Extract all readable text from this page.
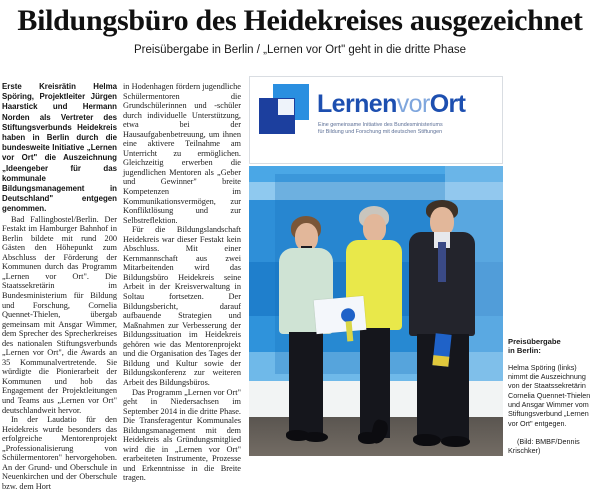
Bildungsbüro des Heidekreises ausgezeichnet
Preisübergabe in Berlin / „Lernen vor Ort" geht in die dritte Phase

Erste Kreisrätin Helma Spöring, Projektleiter Jürgen Haarstick und Hermann Norden als Vertreter des Stiftungsverbunds Heidekreis haben in Berlin durch die bundesweite Initiative „Lernen vor Ort" die Auszeichnung „Ideengeber für das kommunale Bildungsmanagement in Deutschland" entgegen genommen.

Bad Fallingbostel/Berlin. Der Festakt im Hamburger Bahnhof in Berlin bildete mit rund 200 Gästen den Höhepunkt zum Abschluss der Förderung der Kommunen durch das Programm „Lernen vor Ort". Die Staatssekretärin im Bundesministerium für Bildung und Forschung, Cornelia Quennet-Thielen, übergab gemeinsam mit Ansgar Wimmer, dem Sprecher des Sprecherkreises des nationalen Stiftungsverbunds „Lernen vor Ort", die Awards an 35 Kommunalvertretende. Sie würdigte die Pionierarbeit der Kommunen und hob das Engagement der Projektleitungen und Teams aus „Lernen vor Ort" deutschlandweit hervor.

In der Laudatio für den Heidekreis wurde besonders das erfolgreiche Mentorenprojekt „Professionalisierung von Schülermentoren" hervorgehoben. An der Grund- und Oberschule in Neuenkirchen und der Oberschule bzw. dem Hort

in Hodenhagen fördern jugendliche Schülermentoren die Grundschülerinnen und -schüler durch individuelle Unterstützung, etwa bei der Hausaufgabenbetreuung, um ihnen eine aktivere Teilnahme am Unterricht zu ermöglichen. Gleichzeitig erwerben die jugendlichen Mentoren als „Geber und Gewinner" breite Kompetenzen im Kommunikationsvermögen, zur Konfliktlösung und zur Selbstreflektion.

Für die Bildungslandschaft Heidekreis war dieser Festakt kein Abschluss. Mit einer Kernmannschaft aus zwei Mitarbeitenden wird das Bildungsbüro Heidekreis seine Arbeit in der Kreisverwaltung in Soltau fortsetzen. Der Bildungsbericht, darauf aufbauende Strategien und Maßnahmen zur Verbesserung der Bildungssituation im Heidekreis gehören wie das Mentorenprojekt und die Organisation des Tages der Bildung und Kultur sowie der Bildungskonferenz zur weiteren Arbeit des Bildungsbüros.

Das Programm „Lernen vor Ort" geht in Niedersachsen im September 2014 in die dritte Phase. Die Transferagentur Kommunales Bildungsmanagement mit dem Heidekreis als Gründungsmitglied wird die in „Lernen vor Ort" erarbeiteten Instrumente, Prozesse und Erkenntnisse in die Breite tragen.

LernenvorOrt
Eine gemeinsame Initiative des Bundesministeriums
für Bildung und Forschung mit deutschen Stiftungen
Preisübergabe
in Berlin:

Helma Spöring (links) nimmt die Auszeichnung von der Staatssekretärin Cornelia Quennet-Thielen und Ansgar Wimmer vom Stiftungsverbund „Lernen vor Ort" entgegen.

(Bild: BMBF/Dennis Krischker)
